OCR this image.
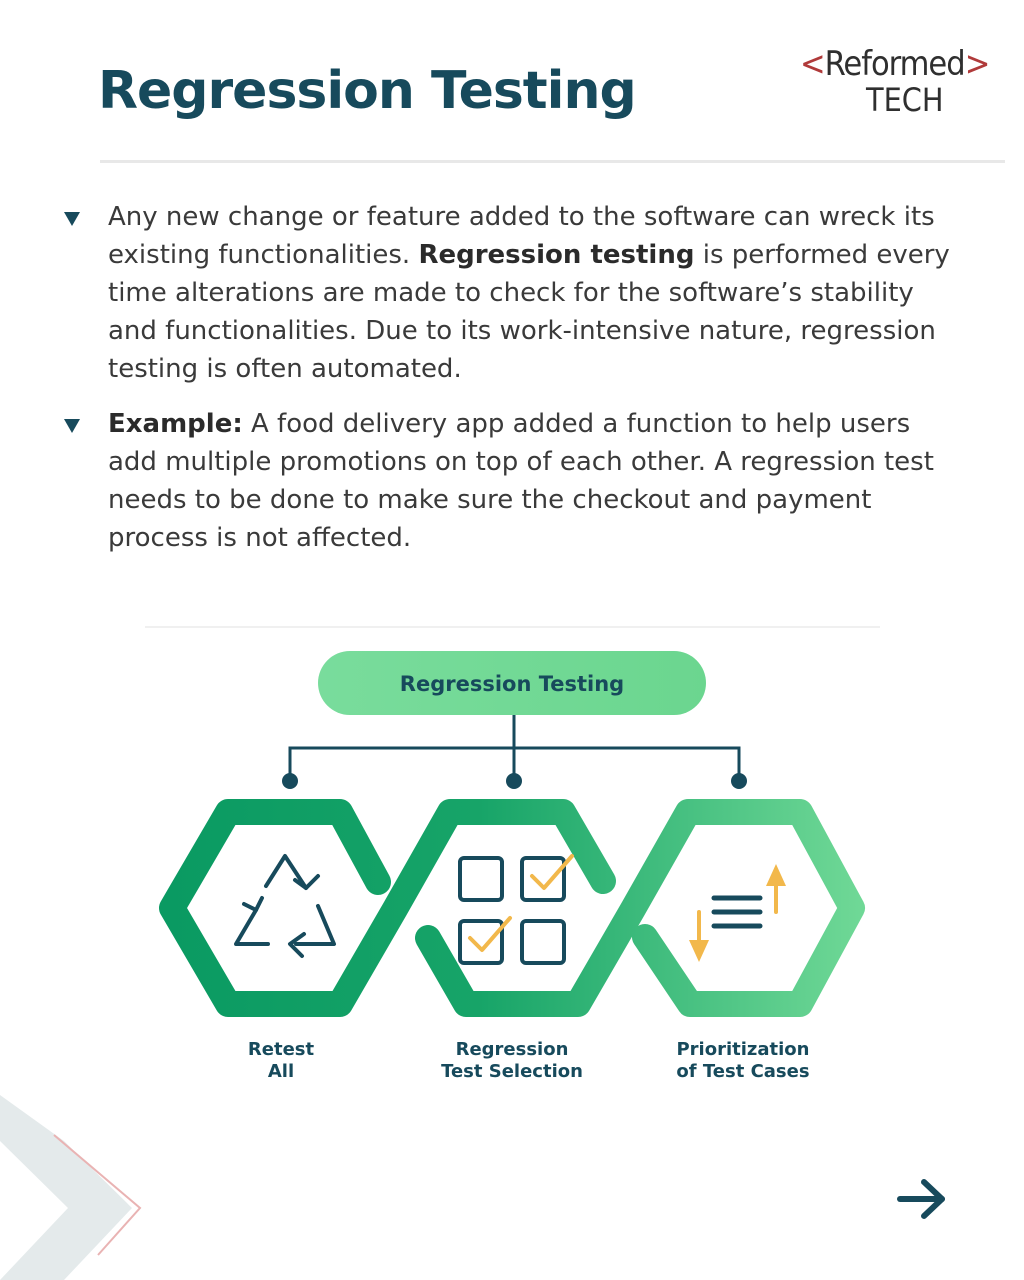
Regression Testing	<Reformed>
TECH
Any new change or feature added to the software can wreck its existing functionalities. Regression testing is performed every time alterations are made to check for the software’s stability and functionalities. Due to its work-intensive nature, regression testing is often automated.
Example: A food delivery app added a function to help users add multiple promotions on top of each other. A regression test needs to be done to make sure the checkout and payment process is not affected.
Regression Testing
Retest
All
Regression
Test Selection
Prioritization
of Test Cases
